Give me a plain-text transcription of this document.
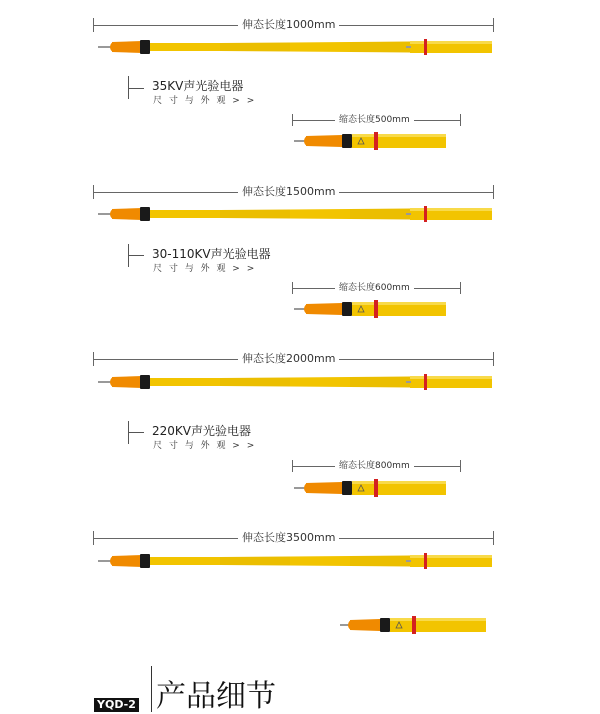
伸态长度1000mm
35KV声光验电器
尺 寸 与 外 观 > >
缩态长度500mm
伸态长度1500mm
30-110KV声光验电器
尺 寸 与 外 观 > >
缩态长度600mm
伸态长度2000mm
220KV声光验电器
尺 寸 与 外 观 > >
缩态长度800mm
伸态长度3500mm
YQD-2 产品细节
